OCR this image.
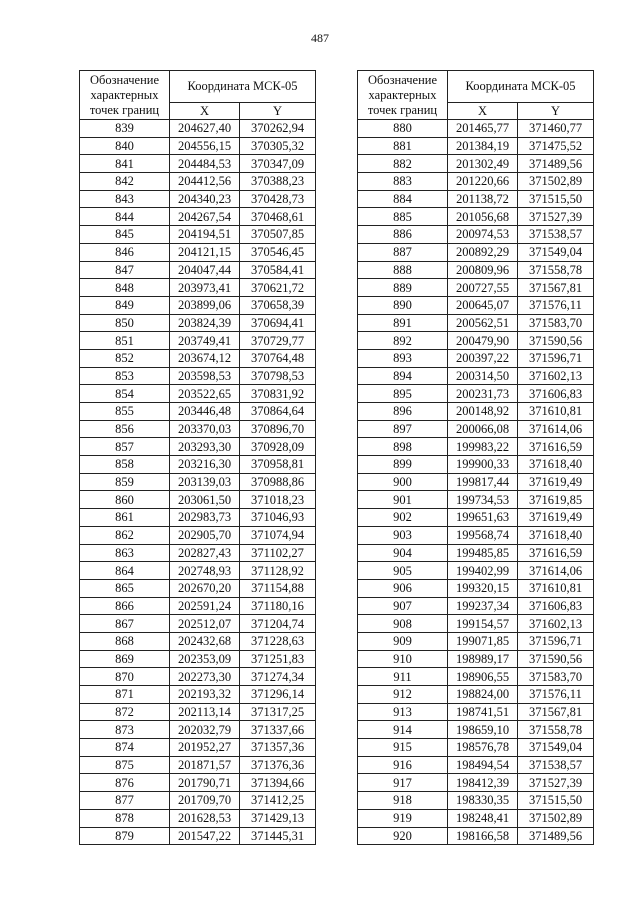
487
Обозначение характерных точек границ	Координата МСК-05	
	X	Y
839	204627,40	370262,94
840	204556,15	370305,32
841	204484,53	370347,09
842	204412,56	370388,23
843	204340,23	370428,73
844	204267,54	370468,61
845	204194,51	370507,85
846	204121,15	370546,45
847	204047,44	370584,41
848	203973,41	370621,72
849	203899,06	370658,39
850	203824,39	370694,41
851	203749,41	370729,77
852	203674,12	370764,48
853	203598,53	370798,53
854	203522,65	370831,92
855	203446,48	370864,64
856	203370,03	370896,70
857	203293,30	370928,09
858	203216,30	370958,81
859	203139,03	370988,86
860	203061,50	371018,23
861	202983,73	371046,93
862	202905,70	371074,94
863	202827,43	371102,27
864	202748,93	371128,92
865	202670,20	371154,88
866	202591,24	371180,16
867	202512,07	371204,74
868	202432,68	371228,63
869	202353,09	371251,83
870	202273,30	371274,34
871	202193,32	371296,14
872	202113,14	371317,25
873	202032,79	371337,66
874	201952,27	371357,36
875	201871,57	371376,36
876	201790,71	371394,66
877	201709,70	371412,25
878	201628,53	371429,13
879	201547,22	371445,31
Обозначение характерных точек границ	Координата МСК-05	
	X	Y
880	201465,77	371460,77
881	201384,19	371475,52
882	201302,49	371489,56
883	201220,66	371502,89
884	201138,72	371515,50
885	201056,68	371527,39
886	200974,53	371538,57
887	200892,29	371549,04
888	200809,96	371558,78
889	200727,55	371567,81
890	200645,07	371576,11
891	200562,51	371583,70
892	200479,90	371590,56
893	200397,22	371596,71
894	200314,50	371602,13
895	200231,73	371606,83
896	200148,92	371610,81
897	200066,08	371614,06
898	199983,22	371616,59
899	199900,33	371618,40
900	199817,44	371619,49
901	199734,53	371619,85
902	199651,63	371619,49
903	199568,74	371618,40
904	199485,85	371616,59
905	199402,99	371614,06
906	199320,15	371610,81
907	199237,34	371606,83
908	199154,57	371602,13
909	199071,85	371596,71
910	198989,17	371590,56
911	198906,55	371583,70
912	198824,00	371576,11
913	198741,51	371567,81
914	198659,10	371558,78
915	198576,78	371549,04
916	198494,54	371538,57
917	198412,39	371527,39
918	198330,35	371515,50
919	198248,41	371502,89
920	198166,58	371489,56
